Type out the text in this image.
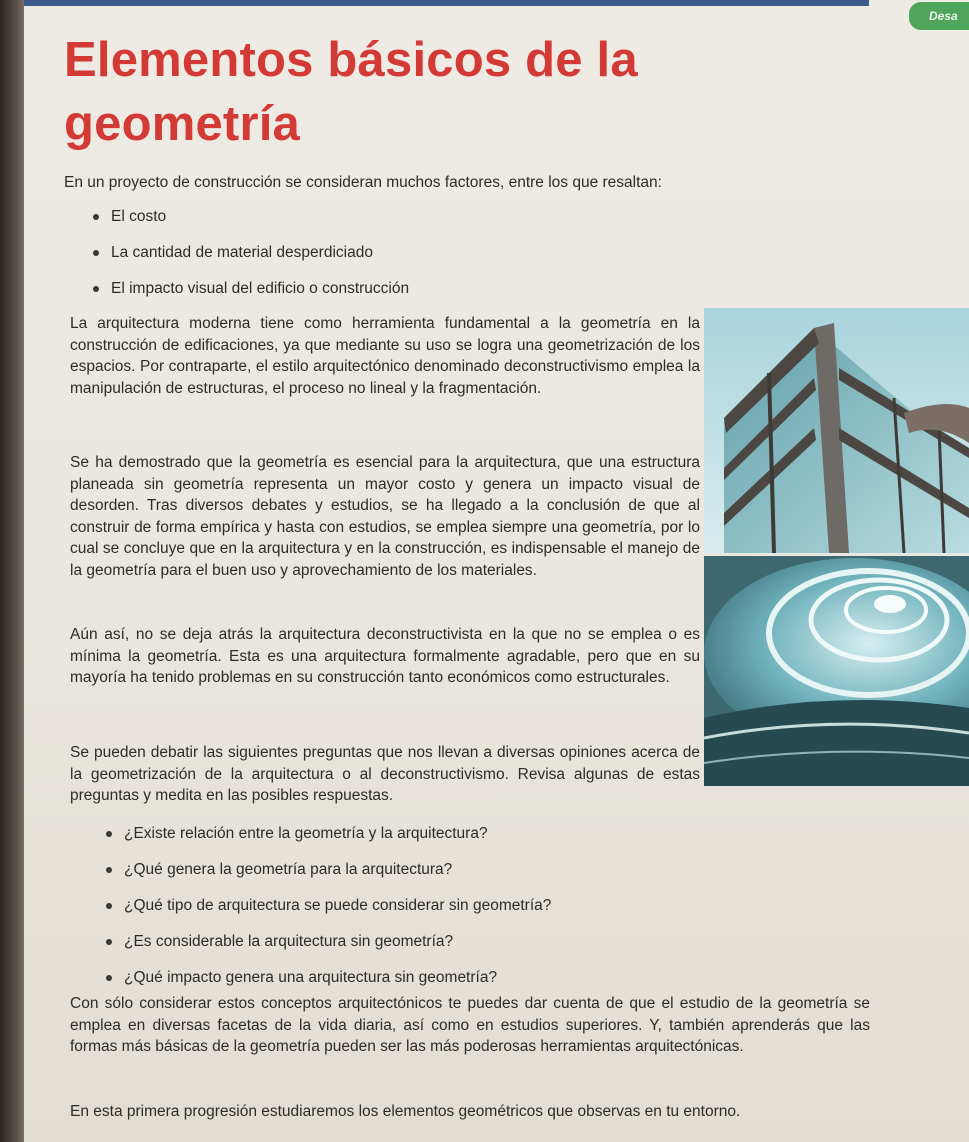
Desa
Elementos básicos de la
geometría
En un proyecto de construcción se consideran muchos factores, entre los que resaltan:
El costo
La cantidad de material desperdiciado
El impacto visual del edificio o construcción

La arquitectura moderna tiene como herramienta fundamental a la geometría en la construcción de edificaciones, ya que mediante su uso se logra una geometrización de los espacios. Por contraparte, el estilo arquitectónico denominado deconstructivismo emplea la manipulación de estructuras, el proceso no lineal y la fragmentación.

Se ha demostrado que la geometría es esencial para la arquitectura, que una estructura planeada sin geometría representa un mayor costo y genera un impacto visual de desorden. Tras diversos debates y estudios, se ha llegado a la conclusión de que al construir de forma empírica y hasta con estudios, se emplea siempre una geometría, por lo cual se concluye que en la arquitectura y en la construcción, es indispensable el manejo de la geometría para el buen uso y aprovechamiento de los materiales.

Aún así, no se deja atrás la arquitectura deconstructivista en la que no se emplea o es mínima la geometría. Esta es una arquitectura formalmente agradable, pero que en su mayoría ha tenido problemas en su construcción tanto económicos como estructurales.

Se pueden debatir las siguientes preguntas que nos llevan a diversas opiniones acerca de la geometrización de la arquitectura o al deconstructivismo. Revisa algunas de estas preguntas y medita en las posibles respuestas.

¿Existe relación entre la geometría y la arquitectura?
¿Qué genera la geometría para la arquitectura?
¿Qué tipo de arquitectura se puede considerar sin geometría?
¿Es considerable la arquitectura sin geometría?
¿Qué impacto genera una arquitectura sin geometría?

Con sólo considerar estos conceptos arquitectónicos te puedes dar cuenta de que el estudio de la geometría se emplea en diversas facetas de la vida diaria, así como en estudios superiores. Y, también aprenderás que las formas más básicas de la geometría pueden ser las más poderosas herramientas arquitectónicas.

En esta primera progresión estudiaremos los elementos geométricos que observas en tu entorno.
